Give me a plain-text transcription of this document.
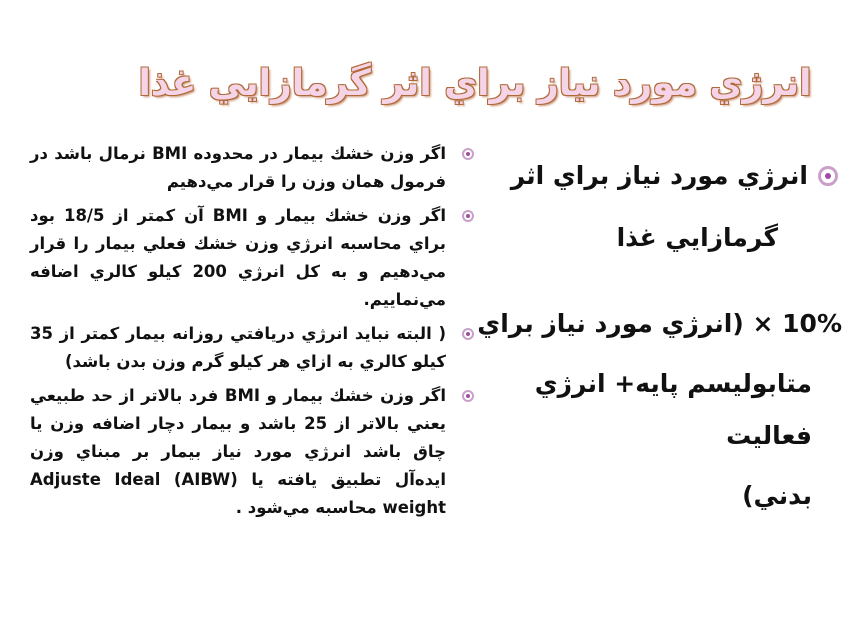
انرژي مورد نياز براي اثر گرمازايي غذا

انرژي مورد نياز براي اثر
گرمازايي غذا

10% × (انرژي مورد نياز براي
متابوليسم پايه+ انرژي فعاليت
بدني)

اگر وزن خشك بيمار در محدوده BMI نرمال باشد در فرمول همان وزن را قرار مي‌دهيم

اگر وزن خشك بيمار و BMI آن كمتر از 18/5 بود براي محاسبه انرژي وزن خشك فعلي بيمار را قرار مي‌دهيم و به كل انرژي 200 كيلو كالري اضافه مي‌نماييم.

( البته نبايد انرژي دريافتي روزانه بيمار كمتر از 35 كيلو كالري به ازاي هر كيلو گرم وزن بدن باشد)

اگر وزن خشك بيمار و BMI فرد بالاتر از حد طبيعي يعني بالاتر از 25 باشد و بيمار دچار اضافه وزن يا چاق باشد انرژي مورد نياز بيمار بر مبناي وزن ايده‌آل تطبيق يافته يا (AIBW) Adjuste Ideal weight محاسبه مي‌شود .
